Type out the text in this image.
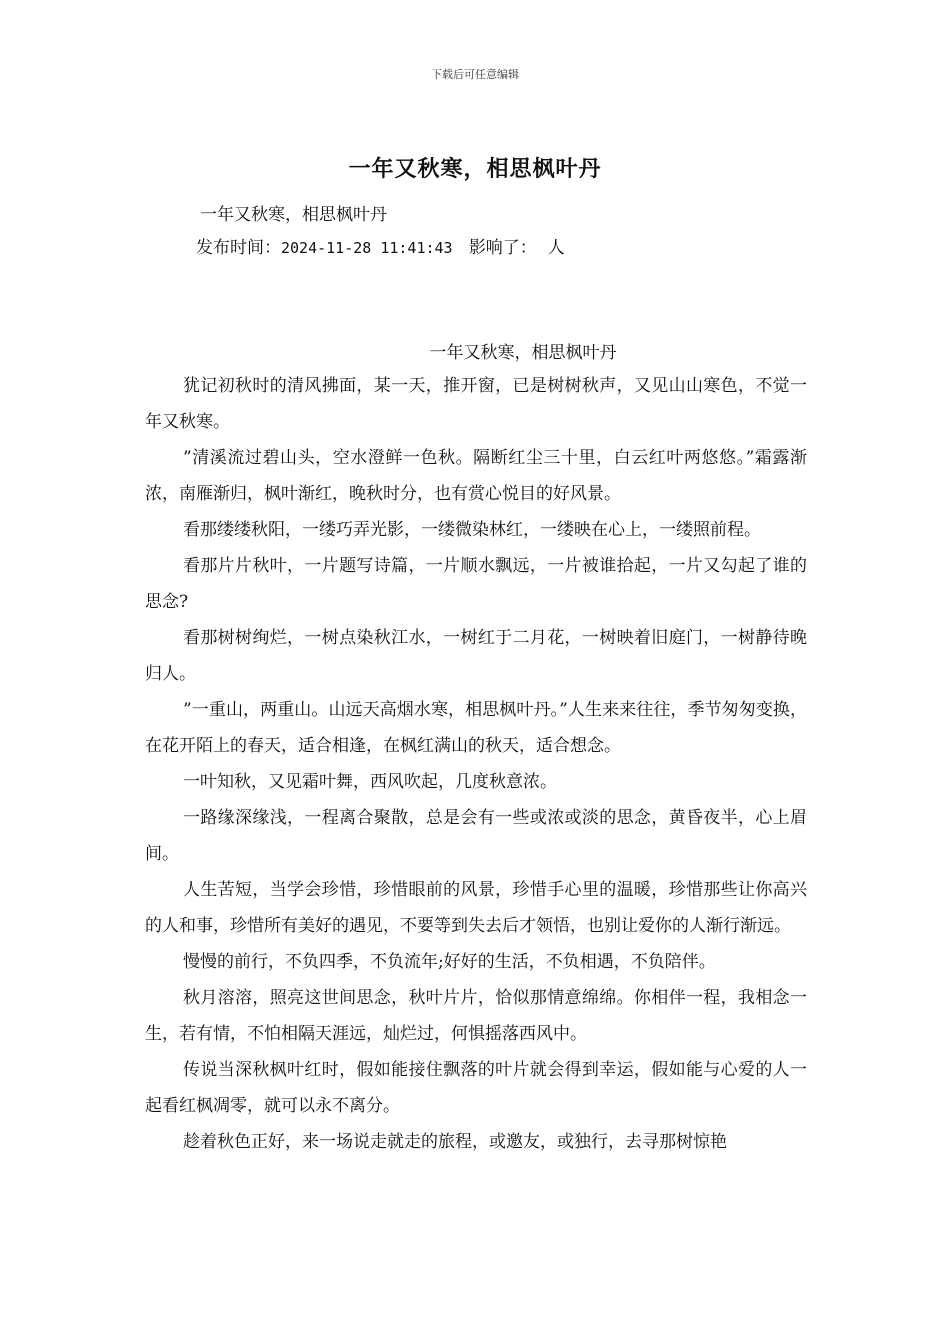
下载后可任意编辑
一年又秋寒，相思枫叶丹
一年又秋寒，相思枫叶丹
发布时间：2024-11-28 11:41:43 影响了： 人
一年又秋寒，相思枫叶丹

犹记初秋时的清风拂面，某一天，推开窗，已是树树秋声，又见山山寒色，不觉一年又秋寒。

”清溪流过碧山头，空水澄鲜一色秋。隔断红尘三十里，白云红叶两悠悠。”霜露渐浓，南雁渐归，枫叶渐红，晚秋时分，也有赏心悦目的好风景。

看那缕缕秋阳，一缕巧弄光影，一缕微染林红，一缕映在心上，一缕照前程。

看那片片秋叶，一片题写诗篇，一片顺水飘远，一片被谁拾起，一片又勾起了谁的思念?

看那树树绚烂，一树点染秋江水，一树红于二月花，一树映着旧庭门，一树静待晚归人。

”一重山，两重山。山远天高烟水寒，相思枫叶丹。”人生来来往往，季节匆匆变换，在花开陌上的春天，适合相逢，在枫红满山的秋天，适合想念。

一叶知秋，又见霜叶舞，西风吹起，几度秋意浓。

一路缘深缘浅，一程离合聚散，总是会有一些或浓或淡的思念，黄昏夜半，心上眉间。

人生苦短，当学会珍惜，珍惜眼前的风景，珍惜手心里的温暖，珍惜那些让你高兴的人和事，珍惜所有美好的遇见，不要等到失去后才领悟，也别让爱你的人渐行渐远。

慢慢的前行，不负四季，不负流年;好好的生活，不负相遇，不负陪伴。

秋月溶溶，照亮这世间思念，秋叶片片，恰似那情意绵绵。你相伴一程，我相念一生，若有情，不怕相隔天涯远，灿烂过，何惧摇落西风中。

传说当深秋枫叶红时，假如能接住飘落的叶片就会得到幸运，假如能与心爱的人一起看红枫凋零，就可以永不离分。

趁着秋色正好，来一场说走就走的旅程，或邀友，或独行，去寻那树惊艳
